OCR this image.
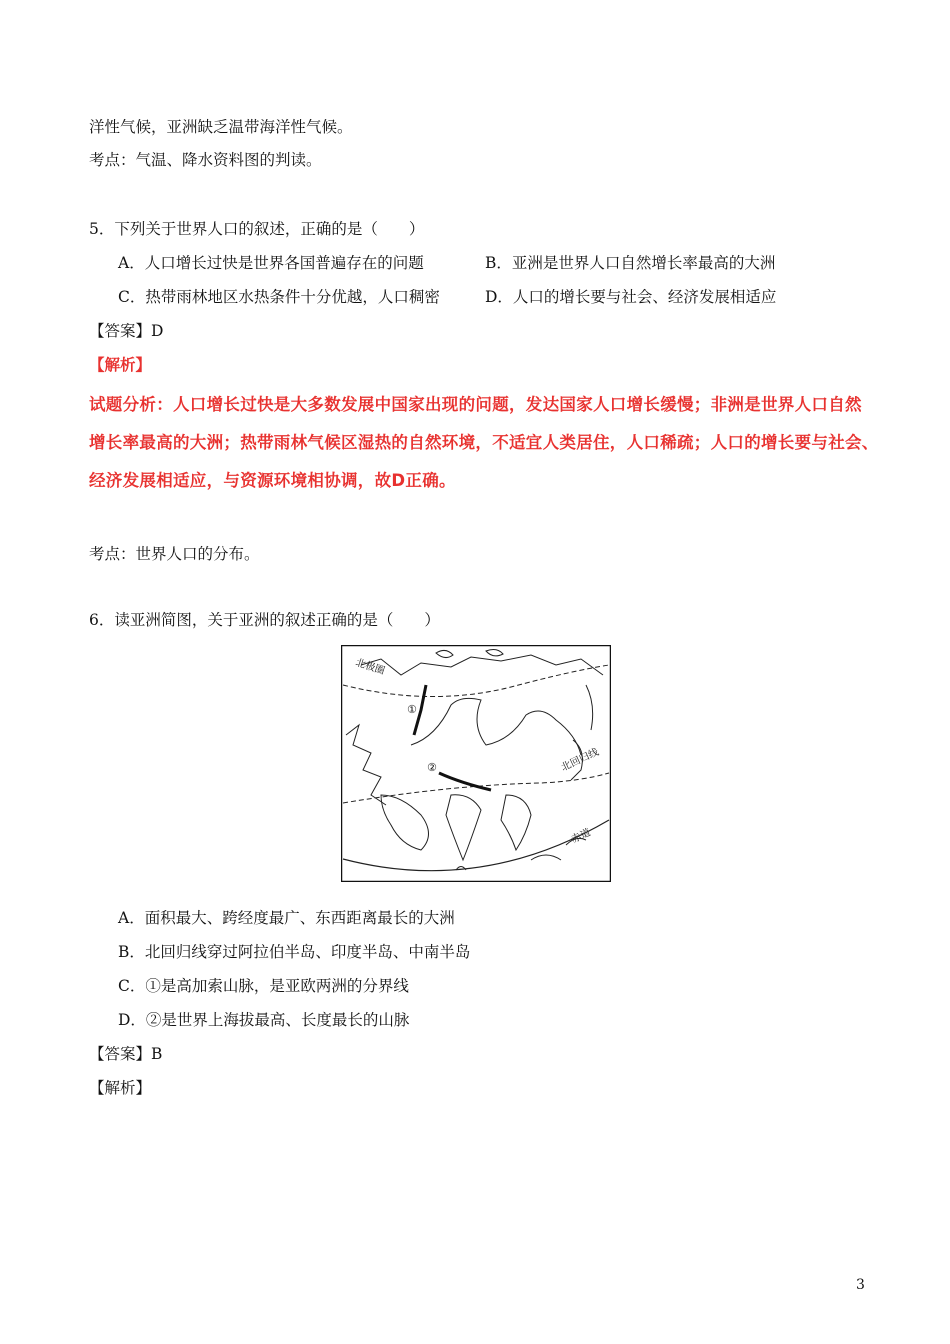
洋性气候，亚洲缺乏温带海洋性气候。
考点：气温、降水资料图的判读。
5．下列关于世界人口的叙述，正确的是（　　）
A．人口增长过快是世界各国普遍存在的问题	B．亚洲是世界人口自然增长率最高的大洲
C．热带雨林地区水热条件十分优越，人口稠密	D．人口的增长要与社会、经济发展相适应
【答案】D
【解析】
试题分析：人口增长过快是大多数发展中国家出现的问题，发达国家人口增长缓慢；非洲是世界人口自然
增长率最高的大洲；热带雨林气候区湿热的自然环境，不适宜人类居住，人口稀疏；人口的增长要与社会、
经济发展相适应，与资源环境相协调，故D正确。
考点：世界人口的分布。
6．读亚洲简图，关于亚洲的叙述正确的是（　　）
北极圈
北回归线
赤道
①
②
A．面积最大、跨经度最广、东西距离最长的大洲
B．北回归线穿过阿拉伯半岛、印度半岛、中南半岛
C．①是高加索山脉，是亚欧两洲的分界线
D．②是世界上海拔最高、长度最长的山脉
【答案】B
【解析】
3
